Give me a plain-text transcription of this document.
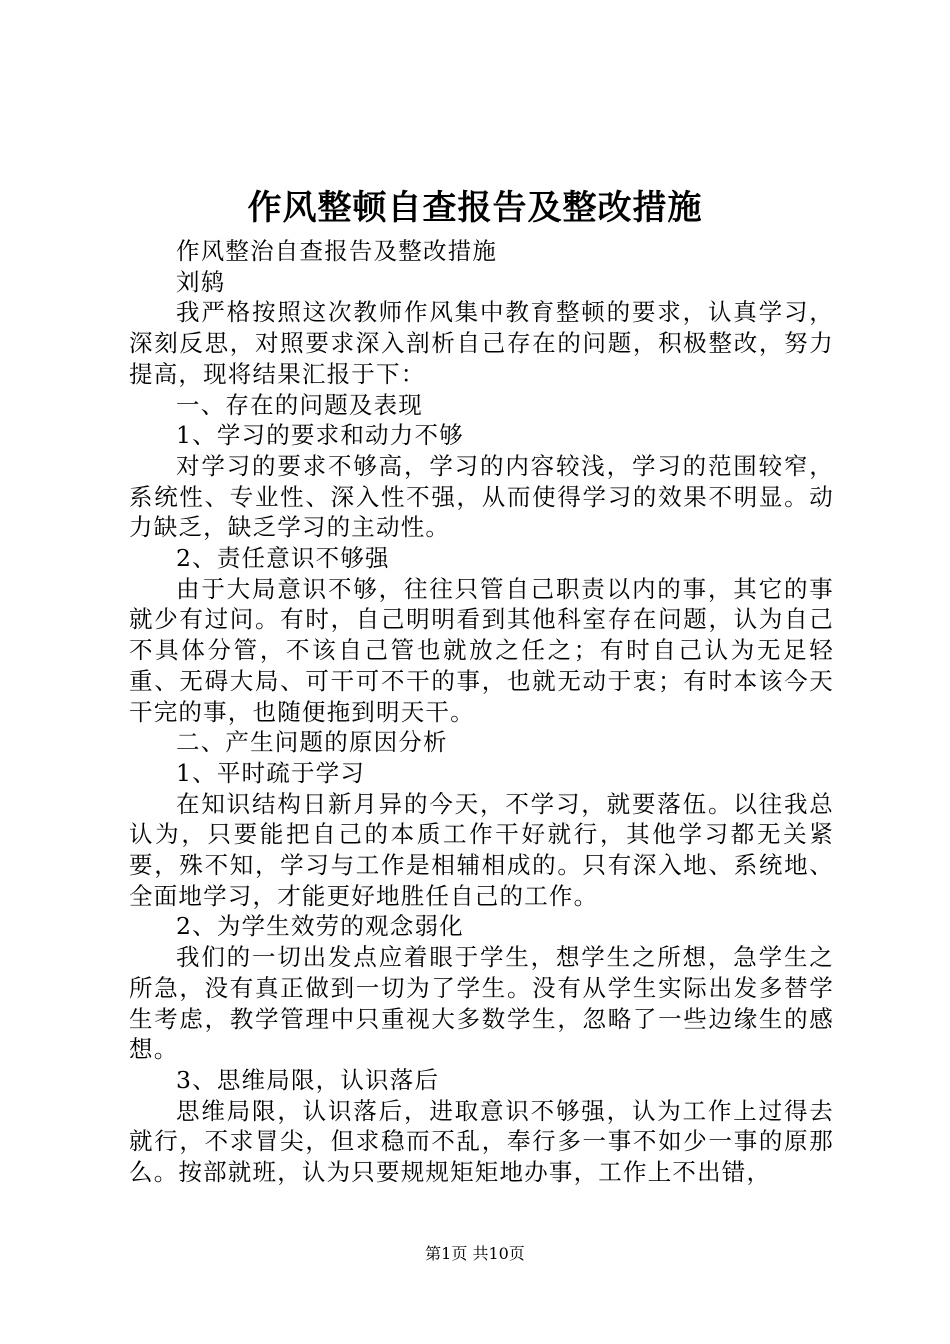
作风整顿自查报告及整改措施

作风整治自查报告及整改措施

刘鸫

我严格按照这次教师作风集中教育整顿的要求，认真学习，深刻反思，对照要求深入剖析自己存在的问题，积极整改，努力提高，现将结果汇报于下：

一、存在的问题及表现

1、学习的要求和动力不够

对学习的要求不够高，学习的内容较浅，学习的范围较窄，系统性、专业性、深入性不强，从而使得学习的效果不明显。动力缺乏，缺乏学习的主动性。

2、责任意识不够强

由于大局意识不够，往往只管自己职责以内的事，其它的事就少有过问。有时，自己明明看到其他科室存在问题，认为自己不具体分管，不该自己管也就放之任之；有时自己认为无足轻重、无碍大局、可干可不干的事，也就无动于衷；有时本该今天干完的事，也随便拖到明天干。

二、产生问题的原因分析

1、平时疏于学习

在知识结构日新月异的今天，不学习，就要落伍。以往我总认为，只要能把自己的本质工作干好就行，其他学习都无关紧要，殊不知，学习与工作是相辅相成的。只有深入地、系统地、全面地学习，才能更好地胜任自己的工作。

2、为学生效劳的观念弱化

我们的一切出发点应着眼于学生，想学生之所想，急学生之所急，没有真正做到一切为了学生。没有从学生实际出发多替学生考虑，教学管理中只重视大多数学生，忽略了一些边缘生的感想。

3、思维局限，认识落后

思维局限，认识落后，进取意识不够强，认为工作上过得去就行，不求冒尖，但求稳而不乱，奉行多一事不如少一事的原那么。按部就班，认为只要规规矩矩地办事，工作上不出错，

第1页 共10页
